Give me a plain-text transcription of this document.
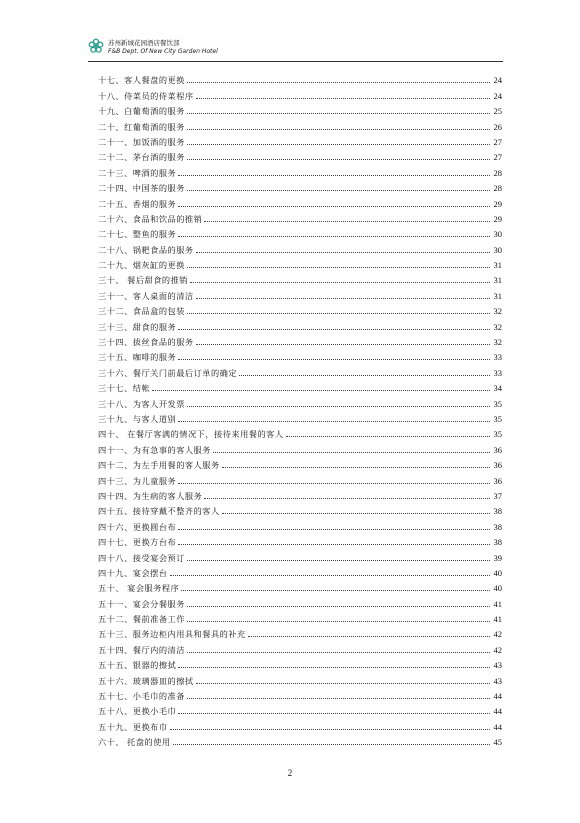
苏州新城花园酒店餐饮部
F&B Dept. Of New City Garden Hotel
十七、客人餐盘的更换	24
十八、侍菜员的侍菜程序	24
十九、白葡萄酒的服务	25
二十、红葡萄酒的服务	26
二十一、加饭酒的服务	27
二十二、茅台酒的服务	27
二十三、啤酒的服务	28
二十四、中国茶的服务	28
二十五、香烟的服务	29
二十六、食品和饮品的推销	29
二十七、整鱼的服务	30
二十八、锅粑食品的服务	30
二十九、烟灰缸的更换	31
三十、 餐后甜食的推销	31
三十一、客人桌面的清洁	31
三十二、食品盒的包装	32
三十三、甜食的服务	32
三十四、拔丝食品的服务	32
三十五、咖啡的服务	33
三十六、餐厅关门前最后订单的确定	33
三十七、结帐	34
三十八、为客人开发票	35
三十九、与客人道别	35
四十、 在餐厅客满的情况下，接待来用餐的客人	35
四十一、为有急事的客人服务	36
四十二、为左手用餐的客人服务	36
四十三、为儿童服务	36
四十四、为生病的客人服务	37
四十五、接待穿戴不整齐的客人	38
四十六、更换圆台布	38
四十七、更换方台布	38
四十八、接受宴会预订	39
四十九、宴会摆台	40
五十、 宴会服务程序	40
五十一、宴会分餐服务	41
五十二、餐前准备工作	41
五十三、服务边柜内用具和餐具的补充	42
五十四、餐厅内的清洁	42
五十五、银器的擦拭	43
五十六、玻璃器皿的擦拭	43
五十七、小毛巾的准备	44
五十八、更换小毛巾	44
五十九、更换布巾	44
六十、 托盘的使用	45
2
